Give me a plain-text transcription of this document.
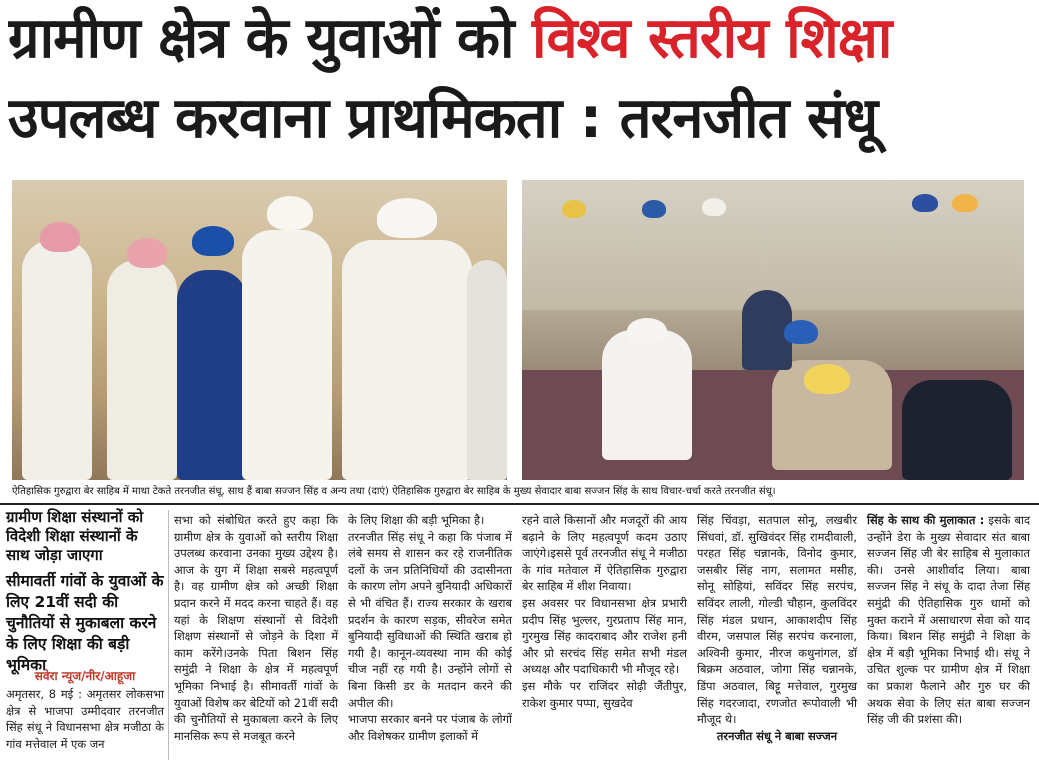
ग्रामीण क्षेत्र के युवाओं को विश्व स्तरीय शिक्षा
उपलब्ध करवाना प्राथमिकता : तरनजीत संधू
ऐतिहासिक गुरुद्वारा बेर साहिब में माथा टेकते तरनजीत संधू, साथ हैं बाबा सज्जन सिंह व अन्य तथा (दाएं) ऐतिहासिक गुरुद्वारा बेर साहिब के मुख्य सेवादार बाबा सज्जन सिंह के साथ विचार-चर्चा करते तरनजीत संधू।
ग्रामीण शिक्षा संस्थानों को विदेशी शिक्षा संस्थानों के साथ जोड़ा जाएगा
सीमावर्ती गांवों के युवाओं के लिए 21वीं सदी की चुनौतियों से मुकाबला करने के लिए शिक्षा की बड़ी भूमिका
सवेरा न्यूज/नीर/आहूजा

अमृतसर, 8 मई : अमृतसर लोकसभा क्षेत्र से भाजपा उम्मीदवार तरनजीत सिंह संधू ने विधानसभा क्षेत्र मजीठा के गांव मत्तेवाल में एक जन

सभा को संबोधित करते हुए कहा कि ग्रामीण क्षेत्र के युवाओं को स्तरीय शिक्षा उपलब्ध करवाना उनका मुख्य उद्देश्य है। आज के युग में शिक्षा सबसे महत्वपूर्ण है। वह ग्रामीण क्षेत्र को अच्छी शिक्षा प्रदान करने में मदद करना चाहते हैं। वह यहां के शिक्षण संस्थानों से विदेशी शिक्षण संस्थानों से जोड़ने के दिशा में काम करेंगे।उनके पिता बिशन सिंह समुंद्री ने शिक्षा के क्षेत्र में महत्वपूर्ण भूमिका निभाई है। सीमावर्ती गांवों के युवाओं विशेष कर बेटियों को 21वीं सदी की चुनौतियों से मुकाबला करने के लिए मानसिक रूप से मजबूत करने

के लिए शिक्षा की बड़ी भूमिका है।

तरनजीत सिंह संधू ने कहा कि पंजाब में लंबे समय से शासन कर रहे राजनीतिक दलों के जन प्रतिनिधियों की उदासीनता के कारण लोग अपने बुनियादी अधिकारों से भी वंचित हैं। राज्य सरकार के खराब प्रदर्शन के कारण सड़क, सीवरेज समेत बुनियादी सुविधाओं की स्थिति खराब हो गयी है। कानून-व्यवस्था नाम की कोई चीज नहीं रह गयी है। उन्होंने लोगों से बिना किसी डर के मतदान करने की अपील की।

भाजपा सरकार बनने पर पंजाब के लोगों और विशेषकर ग्रामीण इलाकों में

रहने वाले किसानों और मजदूरों की आय बढ़ाने के लिए महत्वपूर्ण कदम उठाए जाएंगे।इससे पूर्व तरनजीत संधू ने मजीठा के गांव मतेवाल में ऐतिहासिक गुरुद्वारा बेर साहिब में शीश निवाया।

इस अवसर पर विधानसभा क्षेत्र प्रभारी प्रदीप सिंह भुल्लर, गुरप्रताप सिंह मान, गुरमुख सिंह कादराबाद और राजेश हनी और प्रो सरचंद सिंह समेत सभी मंडल अध्यक्ष और पदाधिकारी भी मौजूद रहे।

इस मौके पर राजिंदर सोढ़ी जैंतीपुर, राकेश कुमार पप्पा, सुखदेव

सिंह चिंवड़ा, सतपाल सोनू, लखबीर सिंधवां, डॉ. सुखिवंदर सिंह रामदीवाली, परहत सिंह चन्नानके, विनोद कुमार, जसबीर सिंह नाग, सलामत मसीह, सोनू सोहियां, सविंदर सिंह सरपंच, सविंदर लाली, गोल्डी चौहान, कुलविंदर सिंह मंडल प्रधान, आकाशदीप सिंह वीरम, जसपाल सिंह सरपंच करनाला, अश्विनी कुमार, नीरज कथुनांगल, डॉ बिक्रम अठवाल, जोगा सिंह चन्नानके, डिंपा अठवाल, बिट्टू मत्तेवाल, गुरमुख सिंह गदरजादा, रणजोत रूपोवाली भी मौजूद थे।

तरनजीत संधू ने बाबा सज्जन

सिंह के साथ की मुलाकात : इसके बाद उन्होंने डेरा के मुख्य सेवादार संत बाबा सज्जन सिंह जी बेर साहिब से मुलाकात की। उनसे आशीर्वाद लिया। बाबा सज्जन सिंह ने संधू के दादा तेजा सिंह समुंद्री की ऐतिहासिक गुरु धामों को मुक्त कराने में असाधारण सेवा को याद किया। बिशन सिंह समुंद्री ने शिक्षा के क्षेत्र में बड़ी भूमिका निभाई थी। संधू ने उचित शुल्क पर ग्रामीण क्षेत्र में शिक्षा का प्रकाश फैलाने और गुरु घर की अथक सेवा के लिए संत बाबा सज्जन सिंह जी की प्रशंसा की।
